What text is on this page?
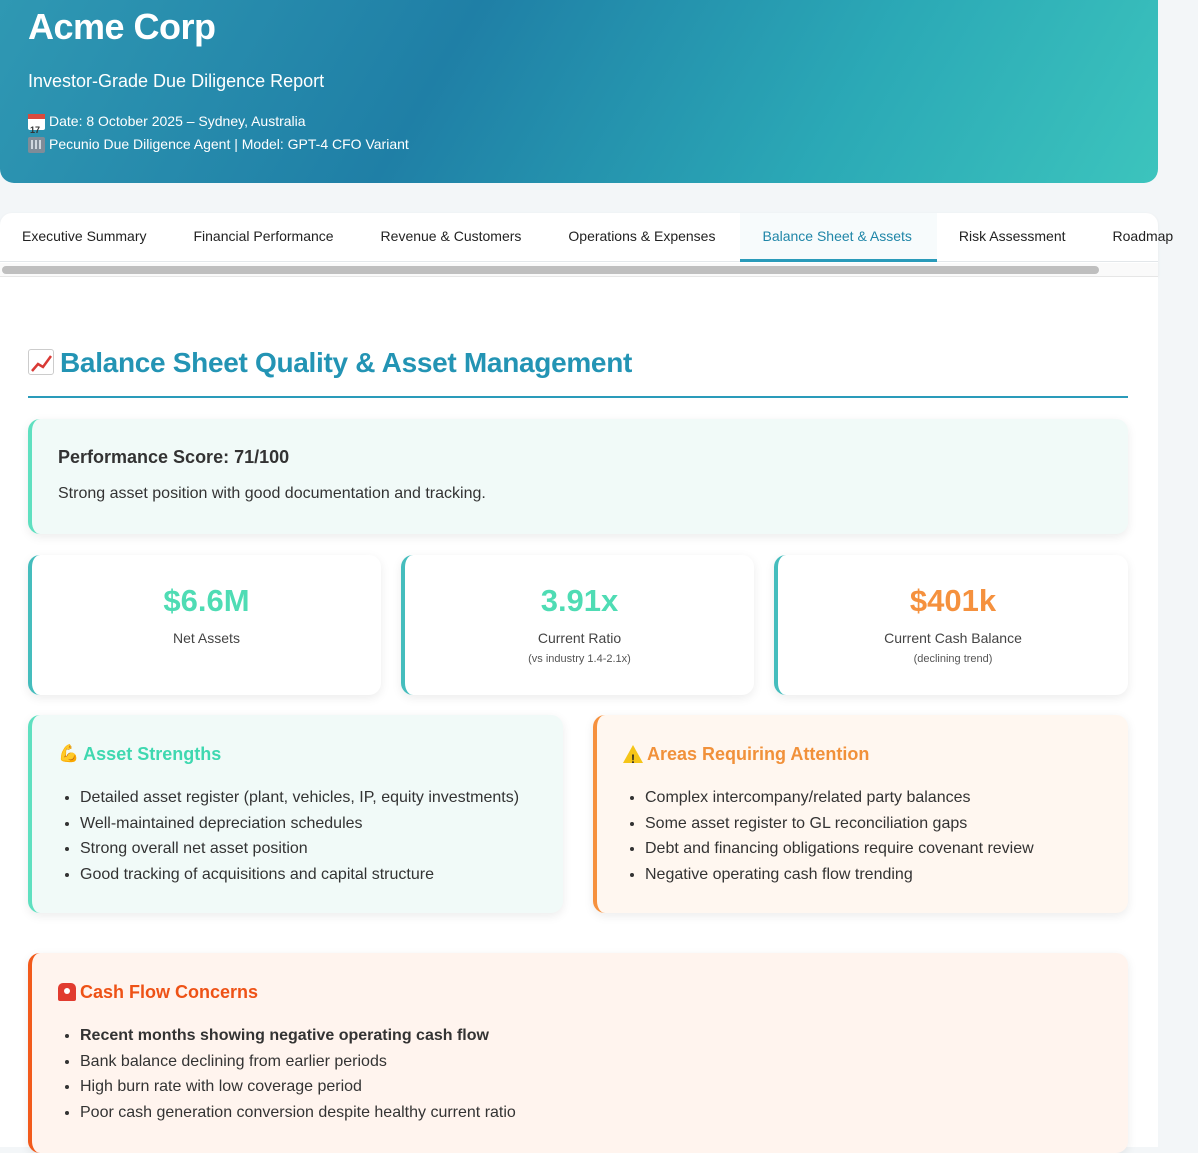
Acme Corp
Investor-Grade Due Diligence Report
17
Date: 8 October 2025 – Sydney, Australia
Pecunio Due Diligence Agent | Model: GPT-4 CFO Variant
Executive Summary	Financial Performance	Revenue & Customers	Operations & Expenses	Balance Sheet & Assets	Risk Assessment	Roadmap
Balance Sheet Quality & Asset Management
Performance Score: 71/100
Strong asset position with good documentation and tracking.
$6.6M
Net Assets
3.91x
Current Ratio
(vs industry 1.4-2.1x)
$401k
Current Cash Balance
(declining trend)
💪 Asset Strengths
• Detailed asset register (plant, vehicles, IP, equity investments)
• Well-maintained depreciation schedules
• Strong overall net asset position
• Good tracking of acquisitions and capital structure
!
Areas Requiring Attention
• Complex intercompany/related party balances
• Some asset register to GL reconciliation gaps
• Debt and financing obligations require covenant review
• Negative operating cash flow trending
Cash Flow Concerns
• Recent months showing negative operating cash flow
• Bank balance declining from earlier periods
• High burn rate with low coverage period
• Poor cash generation conversion despite healthy current ratio
